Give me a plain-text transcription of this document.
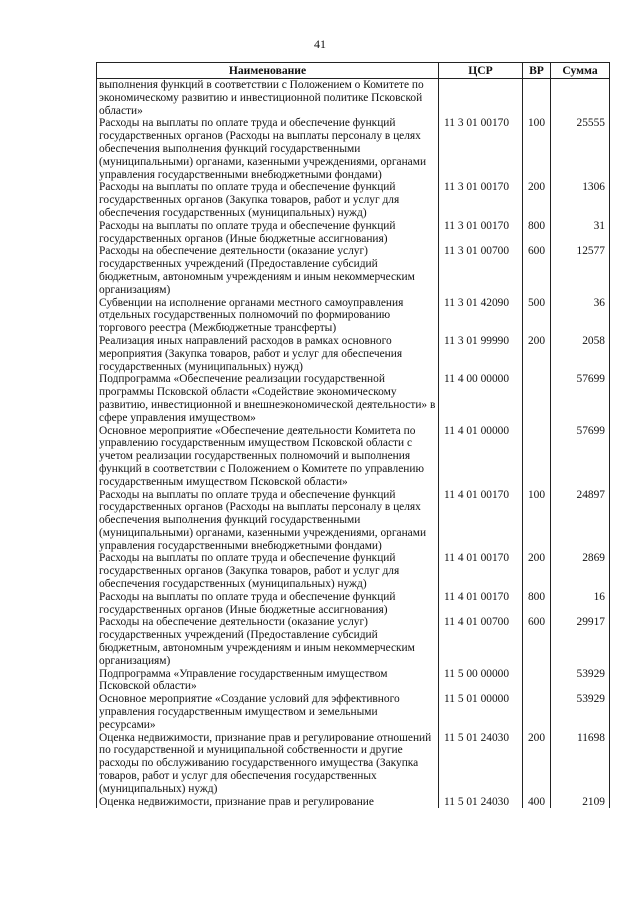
41
Наименование	ЦСР	ВР	Сумма
выполнения функций в соответствии с Положением о Комитете по экономическому развитию и инвестиционной политике Псковской области»			
Расходы на выплаты по оплате труда и обеспечение функций государственных органов (Расходы на выплаты персоналу в целях обеспечения выполнения функций государственными (муниципальными) органами, казенными учреждениями, органами управления государственными внебюджетными фондами)	11 3 01 00170	100	25555
Расходы на выплаты по оплате труда и обеспечение функций государственных органов (Закупка товаров, работ и услуг для обеспечения государственных (муниципальных) нужд)	11 3 01 00170	200	1306
Расходы на выплаты по оплате труда и обеспечение функций государственных органов (Иные бюджетные ассигнования)	11 3 01 00170	800	31
Расходы на обеспечение деятельности (оказание услуг) государственных учреждений (Предоставление субсидий бюджетным, автономным учреждениям и иным некоммерческим организациям)	11 3 01 00700	600	12577
Субвенции на исполнение органами местного самоуправления отдельных государственных полномочий по формированию торгового реестра (Межбюджетные трансферты)	11 3 01 42090	500	36
Реализация иных направлений расходов в рамках основного мероприятия (Закупка товаров, работ и услуг для обеспечения государственных (муниципальных) нужд)	11 3 01 99990	200	2058
Подпрограмма «Обеспечение реализации государственной программы Псковской области «Содействие экономическому развитию, инвестиционной и внешнеэкономической деятельности» в сфере управления имуществом»	11 4 00 00000		57699
Основное мероприятие «Обеспечение деятельности Комитета по управлению государственным имуществом Псковской области с учетом реализации государственных полномочий и выполнения функций в соответствии с Положением о Комитете по управлению государственным имуществом Псковской области»	11 4 01 00000		57699
Расходы на выплаты по оплате труда и обеспечение функций государственных органов (Расходы на выплаты персоналу в целях обеспечения выполнения функций государственными (муниципальными) органами, казенными учреждениями, органами управления государственными внебюджетными фондами)	11 4 01 00170	100	24897
Расходы на выплаты по оплате труда и обеспечение функций государственных органов (Закупка товаров, работ и услуг для обеспечения государственных (муниципальных) нужд)	11 4 01 00170	200	2869
Расходы на выплаты по оплате труда и обеспечение функций государственных органов (Иные бюджетные ассигнования)	11 4 01 00170	800	16
Расходы на обеспечение деятельности (оказание услуг) государственных учреждений (Предоставление субсидий бюджетным, автономным учреждениям и иным некоммерческим организациям)	11 4 01 00700	600	29917
Подпрограмма «Управление государственным имуществом Псковской области»	11 5 00 00000		53929
Основное мероприятие «Создание условий для эффективного управления государственным имуществом и земельными ресурсами»	11 5 01 00000		53929
Оценка недвижимости, признание прав и регулирование отношений по государственной и муниципальной собственности и другие расходы по обслуживанию государственного имущества (Закупка товаров, работ и услуг для обеспечения государственных (муниципальных) нужд)	11 5 01 24030	200	11698
Оценка недвижимости, признание прав и регулирование	11 5 01 24030	400	2109
